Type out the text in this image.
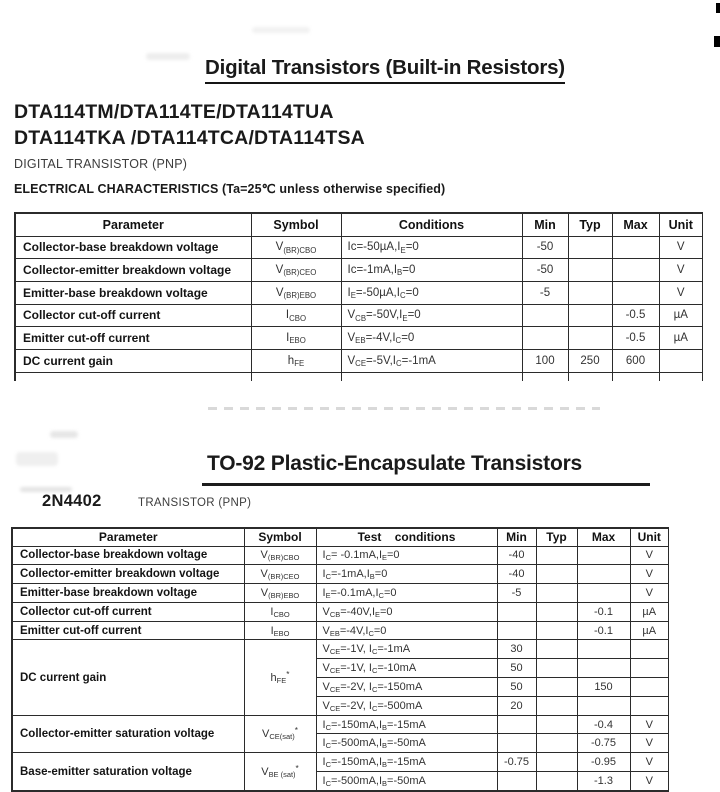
Digital Transistors (Built-in Resistors)
DTA114TM/DTA114TE/DTA114TUA
DTA114TKA /DTA114TCA/DTA114TSA
DIGITAL TRANSISTOR (PNP)
ELECTRICAL CHARACTERISTICS (Ta=25℃ unless otherwise specified)
Parameter	Symbol	Conditions	Min	Typ	Max	Unit
Collector-base breakdown voltage	$V_{(BR)CBO}$	$Ic=-50\mu A,I_E=0$	-50			V
Collector-emitter breakdown voltage	$V_{(BR)CEO}$	$Ic=-1mA,I_B=0$	-50			V
Emitter-base breakdown voltage	$V_{(BR)EBO}$	$I_E=-50\mu A,I_C=0$	-5			V
Collector cut-off current	$I_{CBO}$	$V_{CB}=-50V,I_E=0$			-0.5	µA
Emitter cut-off current	$I_{EBO}$	$V_{EB}=-4V,I_C=0$			-0.5	µA
DC current gain	$h_{FE}$	$V_{CE}=-5V,I_C=-1mA$	100	250	600	

TO-92 Plastic-Encapsulate Transistors
2N4402	TRANSISTOR (PNP)
Parameter	Symbol	Test    conditions	Min	Typ	Max	Unit
Collector-base breakdown voltage	$V_{(BR)CBO}$	$I_C= -0.1mA,I_E=0$	-40			V
Collector-emitter breakdown voltage	$V_{(BR)CEO}$	$I_C=-1mA,I_B=0$	-40			V
Emitter-base breakdown voltage	$V_{(BR)EBO}$	$I_E=-0.1mA,I_C=0$	-5			V
Collector cut-off current	$I_{CBO}$	$V_{CB}=-40V,I_E=0$			-0.1	µA
Emitter cut-off current	$I_{EBO}$	$V_{EB}=-4V,I_C=0$			-0.1	µA
DC current gain	$h_{FE}^*$	$V_{CE}=-1V$, $I_C=-1mA$	30			
		$V_{CE}=-1V$, $I_C=-10mA$	50			
		$V_{CE}=-2V$, $I_C=-150mA$	50		150	
		$V_{CE}=-2V$, $I_C=-500mA$	20			
Collector-emitter saturation voltage	$V_{CE(sat)}^*$	$I_C=-150mA,I_B=-15mA$			-0.4	V
		$I_C=-500mA,I_B=-50mA$			-0.75	V
Base-emitter saturation voltage	$V_{BE (sat)}^*$	$I_C=-150mA,I_B=-15mA$	-0.75		-0.95	V
		$I_C=-500mA,I_B=-50mA$			-1.3	V
